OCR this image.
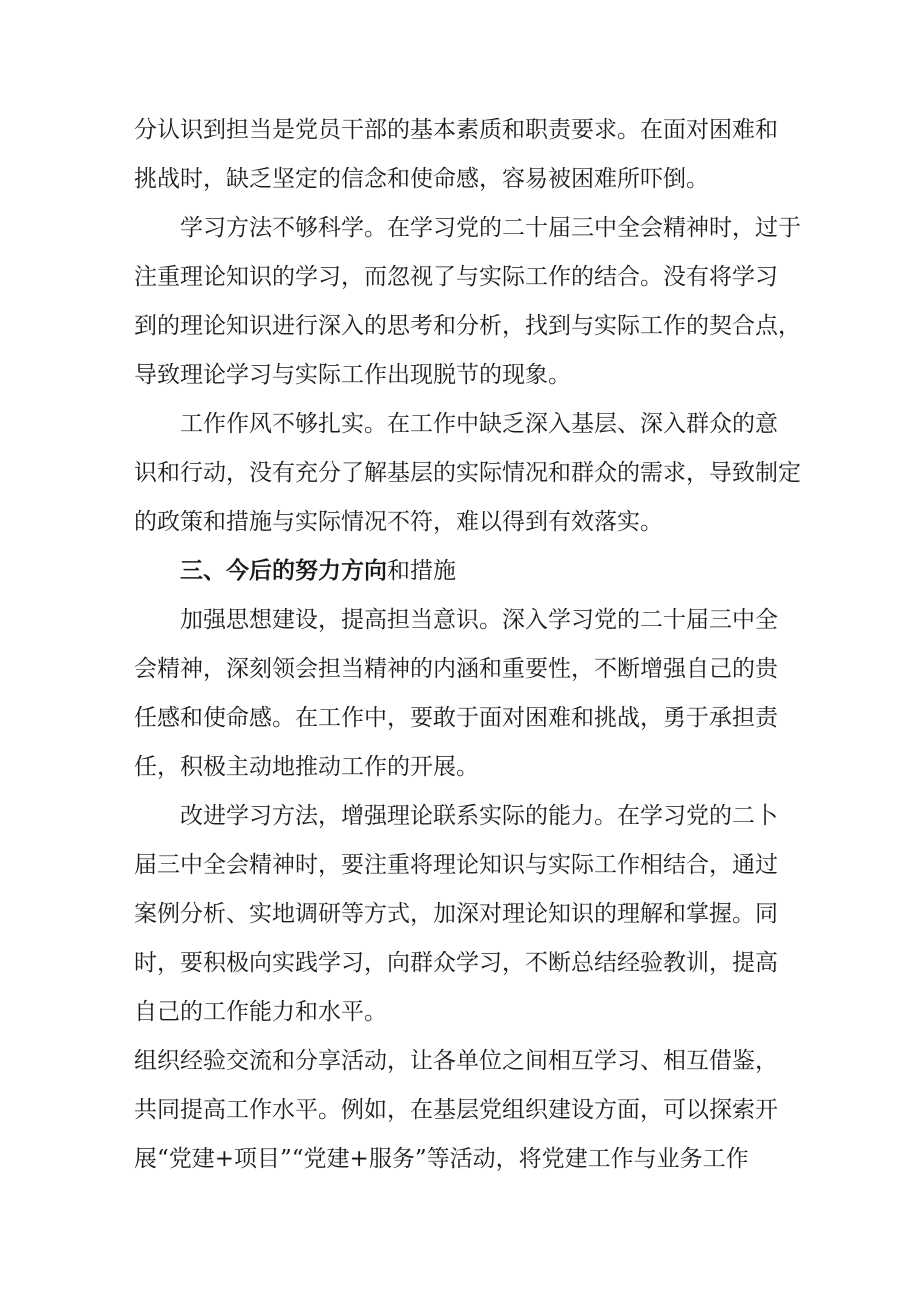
分认识到担当是党员干部的基本素质和职责要求。在面对困难和
挑战时，缺乏坚定的信念和使命感，容易被困难所吓倒。
学习方法不够科学。在学习党的二十届三中全会精神时，过于
注重理论知识的学习，而忽视了与实际工作的结合。没有将学习
到的理论知识进行深入的思考和分析，找到与实际工作的契合点，
导致理论学习与实际工作出现脱节的现象。
工作作风不够扎实。在工作中缺乏深入基层、深入群众的意
识和行动，没有充分了解基层的实际情况和群众的需求，导致制定
的政策和措施与实际情况不符，难以得到有效落实。
三、今后的努力方向和措施
加强思想建设，提高担当意识。深入学习党的二十届三中全
会精神，深刻领会担当精神的内涵和重要性，不断增强自己的贵
任感和使命感。在工作中，要敢于面对困难和挑战，勇于承担责
任，积极主动地推动工作的开展。
改进学习方法，增强理论联系实际的能力。在学习党的二卜
届三中全会精神时，要注重将理论知识与实际工作相结合，通过
案例分析、实地调研等方式，加深对理论知识的理解和掌握。同
时，要积极向实践学习，向群众学习，不断总结经验教训，提高
自己的工作能力和水平。
组织经验交流和分享活动，让各单位之间相互学习、相互借鉴，
共同提高工作水平。例如，在基层党组织建设方面，可以探索开
展“党建+项目”“党建+服务”等活动，将党建工作与业务工作
